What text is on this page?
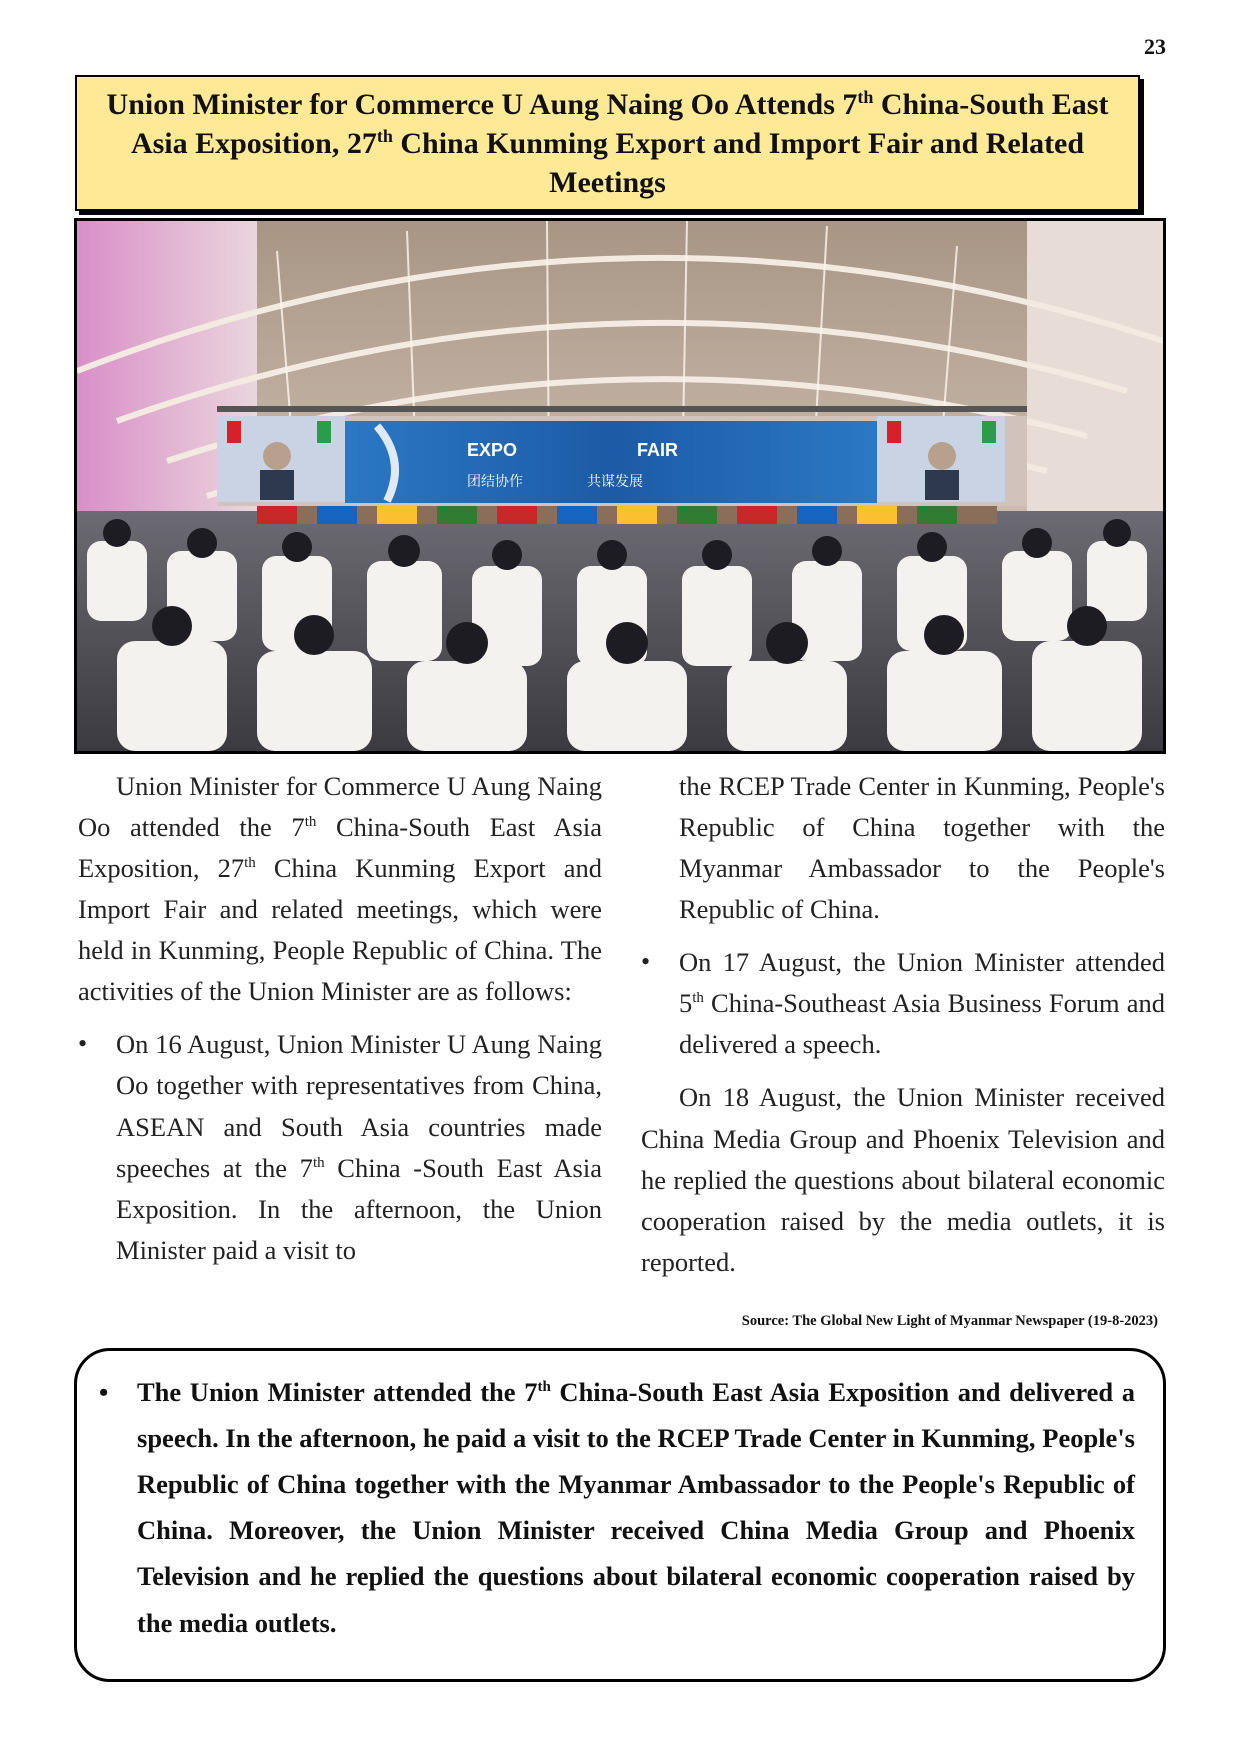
23
Union Minister for Commerce U Aung Naing Oo Attends 7th China-South East Asia Exposition, 27th China Kunming Export and Import Fair and Related Meetings
EXPO	FAIR
团结协作	共谋发展

Union Minister for Commerce U Aung Naing Oo attended the 7th China-South East Asia Exposition, 27th China Kunming Export and Import Fair and related meetings, which were held in Kunming, People Republic of China. The activities of the Union Minister are as follows:

• On 16 August, Union Minister U Aung Naing Oo together with representatives from China, ASEAN and South Asia countries made speeches at the 7th China -South East Asia Exposition. In the afternoon, the Union Minister paid a visit to
the RCEP Trade Center in Kunming, People's Republic of China together with the Myanmar Ambassador to the People's Republic of China.
• On 17 August, the Union Minister attended 5th China-Southeast Asia Business Forum and delivered a speech.

On 18 August, the Union Minister received China Media Group and Phoenix Television and he replied the questions about bilateral economic cooperation raised by the media outlets, it is reported.

Source: The Global New Light of Myanmar Newspaper (19-8-2023)
• The Union Minister attended the 7th China-South East Asia Exposition and delivered a speech. In the afternoon, he paid a visit to the RCEP Trade Center in Kunming, People's Republic of China together with the Myanmar Ambassador to the People's Republic of China. Moreover, the Union Minister received China Media Group and Phoenix Television and he replied the questions about bilateral economic cooperation raised by the media outlets.
